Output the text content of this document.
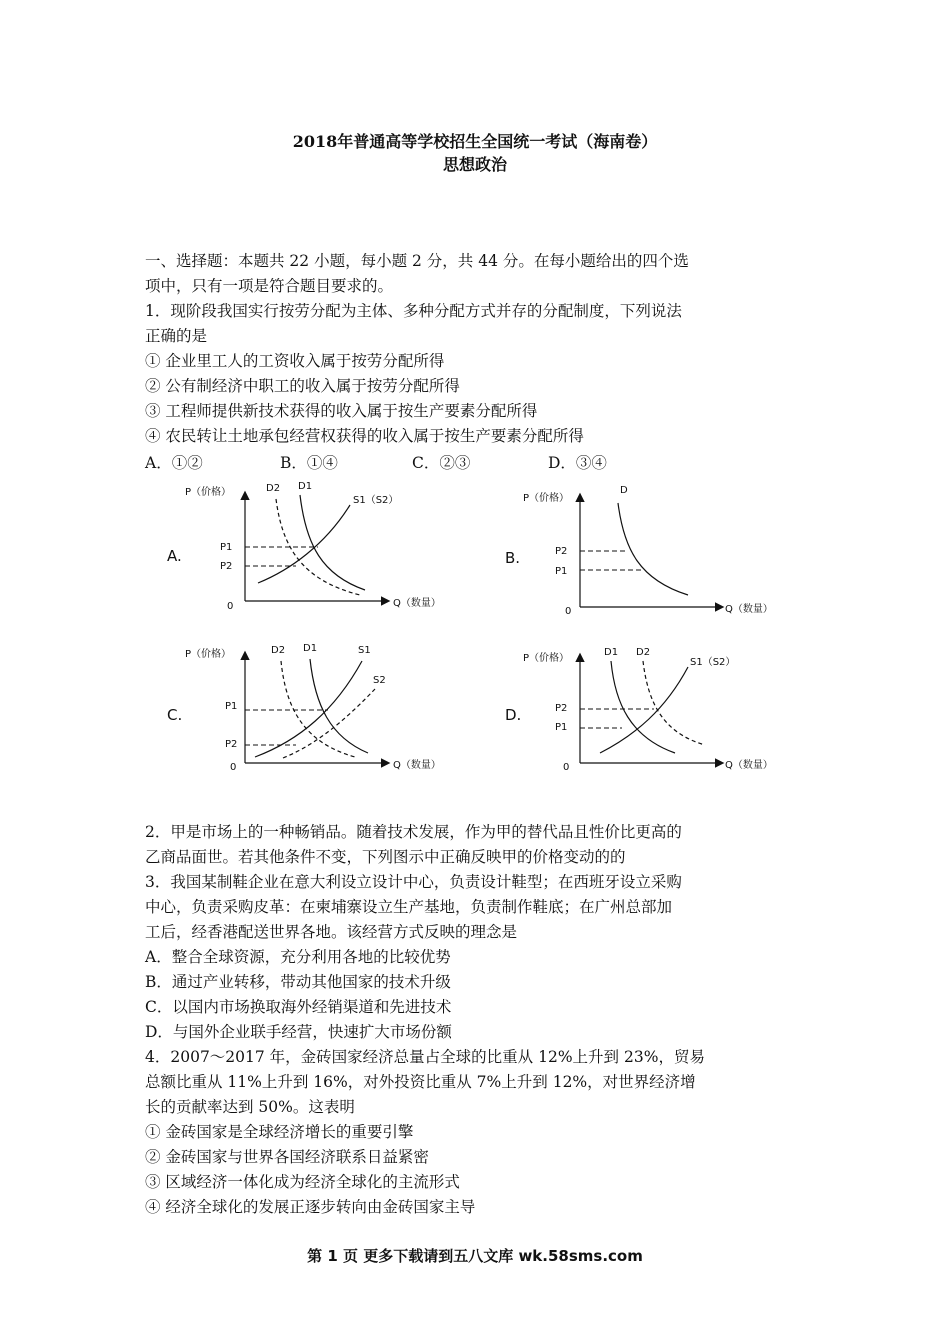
2018年普通高等学校招生全国统一考试（海南卷）
思想政治
一、选择题：本题共 22 小题，每小题 2 分，共 44 分。在每小题给出的四个选
项中，只有一项是符合题目要求的。
1．现阶段我国实行按劳分配为主体、多种分配方式并存的分配制度，下列说法
正确的是
① 企业里工人的工资收入属于按劳分配所得
② 公有制经济中职工的收入属于按劳分配所得
③ 工程师提供新技术获得的收入属于按生产要素分配所得
④ 农民转让土地承包经营权获得的收入属于按生产要素分配所得
A．①②	B．①④	C．②③	D．③④
A.
P（价格）
0	Q（数量）
D2 D1
S1（S2）
P1
P2	B.
P（价格）
0	Q（数量）
D
P2
P1
C.
P（价格）
0	Q（数量）
D2 D1	S1
S2
P1
P2
D.
P（价格）
0	Q（数量）
D1 D2
S1（S2）
P2
P1
2．甲是市场上的一种畅销品。随着技术发展，作为甲的替代品且性价比更高的
乙商品面世。若其他条件不变，下列图示中正确反映甲的价格变动的的
3．我国某制鞋企业在意大利设立设计中心，负责设计鞋型；在西班牙设立采购
中心，负责采购皮革：在柬埔寨设立生产基地，负责制作鞋底；在广州总部加
工后，经香港配送世界各地。该经营方式反映的理念是
A．整合全球资源，充分利用各地的比较优势
B．通过产业转移，带动其他国家的技术升级
C．以国内市场换取海外经销渠道和先进技术
D．与国外企业联手经营，快速扩大市场份额
4．2007～2017 年，金砖国家经济总量占全球的比重从 12%上升到 23%，贸易
总额比重从 11%上升到 16%，对外投资比重从 7%上升到 12%，对世界经济增
长的贡献率达到 50%。这表明
① 金砖国家是全球经济增长的重要引擎
② 金砖国家与世界各国经济联系日益紧密
③ 区域经济一体化成为经济全球化的主流形式
④ 经济全球化的发展正逐步转向由金砖国家主导
第 1 页 更多下载请到五八文库 wk.58sms.com
